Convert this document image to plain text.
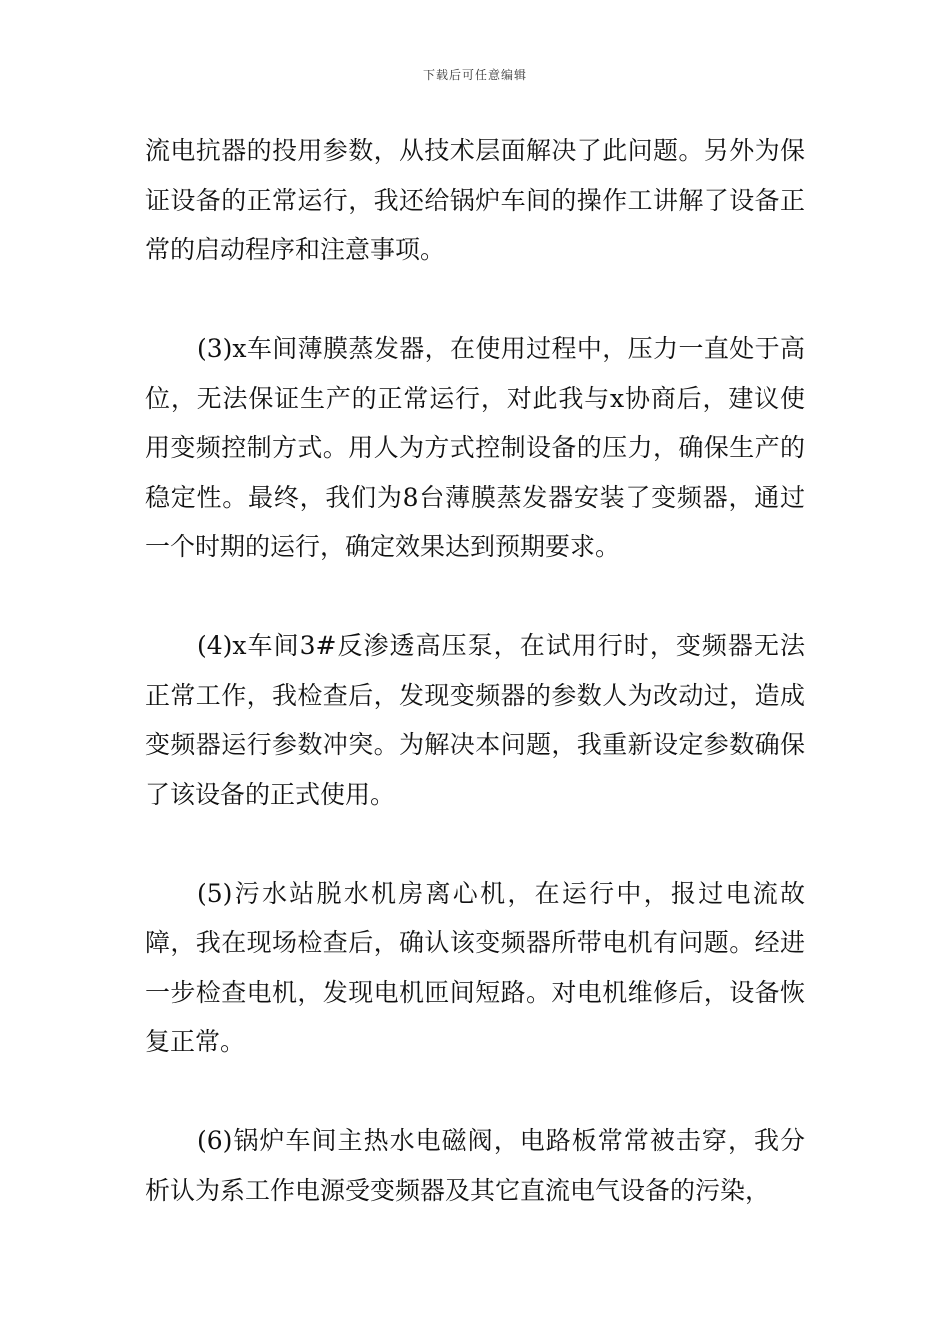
下载后可任意编辑

流电抗器的投用参数，从技术层面解决了此问题。另外为保证设备的正常运行，我还给锅炉车间的操作工讲解了设备正常的启动程序和注意事项。

(3)x车间薄膜蒸发器，在使用过程中，压力一直处于高位，无法保证生产的正常运行，对此我与x协商后，建议使用变频控制方式。用人为方式控制设备的压力，确保生产的稳定性。最终，我们为8台薄膜蒸发器安装了变频器，通过一个时期的运行，确定效果达到预期要求。

(4)x车间3#反渗透高压泵，在试用行时，变频器无法正常工作，我检查后，发现变频器的参数人为改动过，造成变频器运行参数冲突。为解决本问题，我重新设定参数确保了该设备的正式使用。

(5)污水站脱水机房离心机，在运行中，报过电流故障，我在现场检查后，确认该变频器所带电机有问题。经进一步检查电机，发现电机匝间短路。对电机维修后，设备恢复正常。

(6)锅炉车间主热水电磁阀，电路板常常被击穿，我分析认为系工作电源受变频器及其它直流电气设备的污染，
